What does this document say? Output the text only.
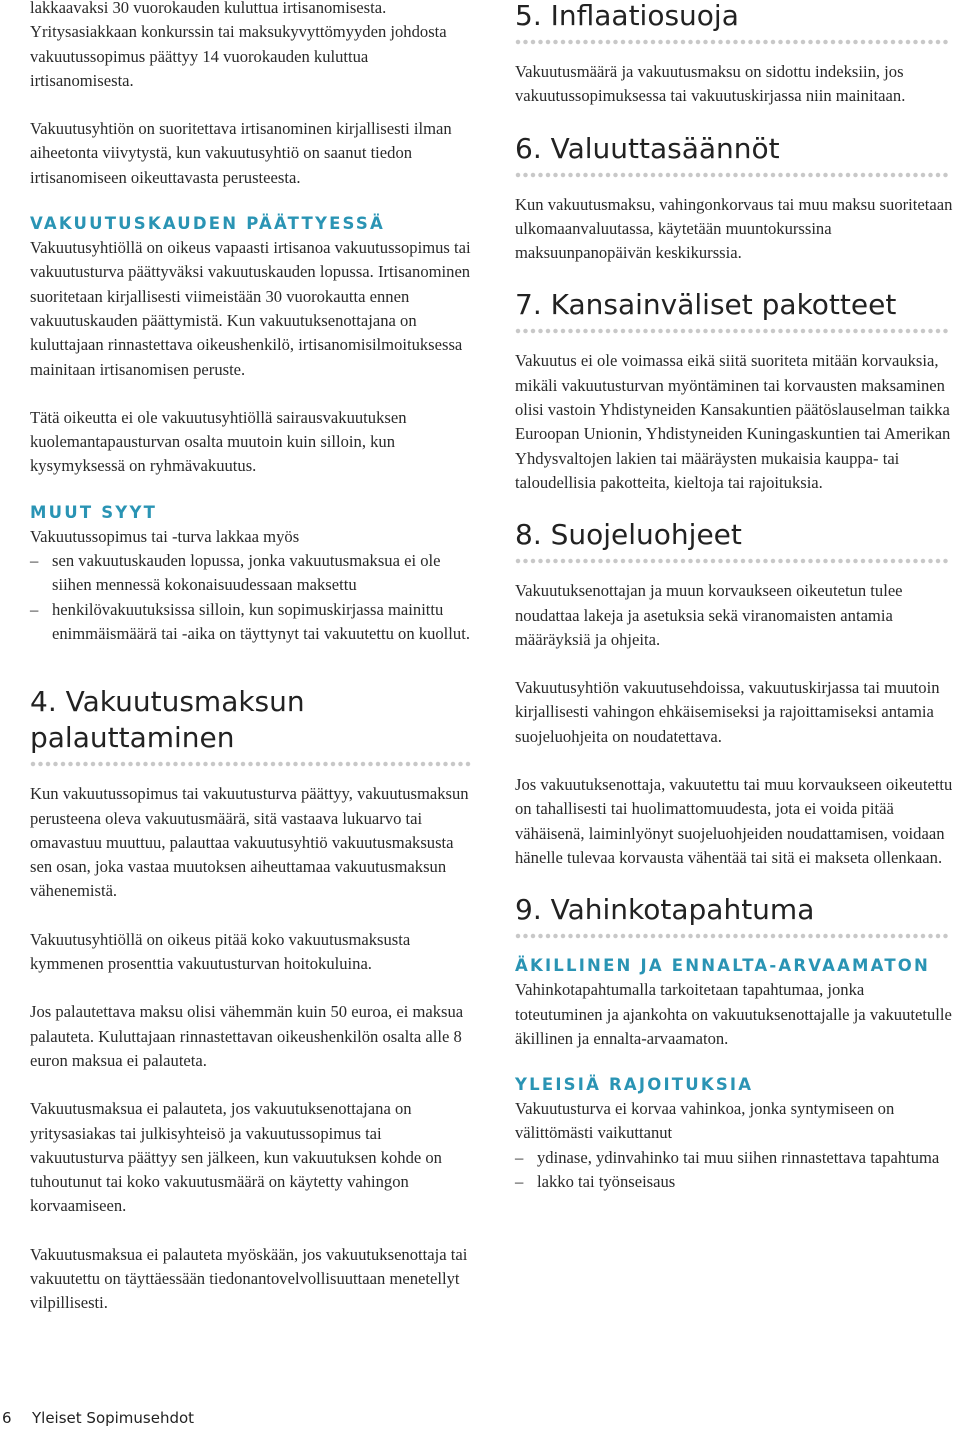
lakkaavaksi 30 vuorokauden kuluttua irtisanomisesta. Yritysasiakkaan konkurssin tai maksukyvyttömyyden johdosta vakuutussopimus päättyy 14 vuorokauden kuluttua irtisanomisesta.

Vakuutusyhtiön on suoritettava irtisanominen kirjallisesti ilman aiheetonta viivytystä, kun vakuutusyhtiö on saanut tiedon irtisanomiseen oikeuttavasta perusteesta.

VAKUUTUSKAUDEN PÄÄTTYESSÄ

Vakuutusyhtiöllä on oikeus vapaasti irtisanoa vakuutussopimus tai vakuutusturva päättyväksi vakuutuskauden lopussa. Irtisanominen suoritetaan kirjallisesti viimeistään 30 vuorokautta ennen vakuutuskauden päättymistä. Kun vakuutuksenottajana on kuluttajaan rinnastettava oikeushenkilö, irtisanomisilmoituksessa mainitaan irtisanomisen peruste.

Tätä oikeutta ei ole vakuutusyhtiöllä sairausvakuutuksen kuolemantapausturvan osalta muutoin kuin silloin, kun kysymyksessä on ryhmävakuutus.

MUUT SYYT

Vakuutussopimus tai -turva lakkaa myös

– sen vakuutuskauden lopussa, jonka vakuutusmaksua ei ole siihen mennessä kokonaisuudessaan maksettu
– henkilövakuutuksissa silloin, kun sopimuskirjassa mainittu enimmäismäärä tai -aika on täyttynyt tai vakuutettu on kuollut.
4. Vakuutusmaksun
palauttaminen

Kun vakuutussopimus tai vakuutusturva päättyy, vakuutusmaksun perusteena oleva vakuutusmäärä, sitä vastaava lukuarvo tai omavastuu muuttuu, palauttaa vakuutusyhtiö vakuutusmaksusta sen osan, joka vastaa muutoksen aiheuttamaa vakuutusmaksun vähenemistä.

Vakuutusyhtiöllä on oikeus pitää koko vakuutusmaksusta kymmenen prosenttia vakuutusturvan hoitokuluina.

Jos palautettava maksu olisi vähemmän kuin 50 euroa, ei maksua palauteta. Kuluttajaan rinnastettavan oikeushenkilön osalta alle 8 euron maksua ei palauteta.

Vakuutusmaksua ei palauteta, jos vakuutuksenottajana on yritysasiakas tai julkisyhteisö ja vakuutussopimus tai vakuutusturva päättyy sen jälkeen, kun vakuutuksen kohde on tuhoutunut tai koko vakuutusmäärä on käytetty vahingon korvaamiseen.

Vakuutusmaksua ei palauteta myöskään, jos vakuutuksenottaja tai vakuutettu on täyttäessään tiedonantovelvollisuuttaan menetellyt vilpillisesti.

5. Inflaatiosuoja

Vakuutusmäärä ja vakuutusmaksu on sidottu indeksiin, jos vakuutussopimuksessa tai vakuutuskirjassa niin mainitaan.

6. Valuuttasäännöt

Kun vakuutusmaksu, vahingonkorvaus tai muu maksu suoritetaan ulkomaanvaluutassa, käytetään muuntokurssina maksuunpanopäivän keskikurssia.

7. Kansainväliset pakotteet

Vakuutus ei ole voimassa eikä siitä suoriteta mitään korvauksia, mikäli vakuutusturvan myöntäminen tai korvausten maksaminen olisi vastoin Yhdistyneiden Kansakuntien päätöslauselman taikka Euroopan Unionin, Yhdistyneiden Kuningaskuntien tai Amerikan Yhdysvaltojen lakien tai määräysten mukaisia kauppa- tai taloudellisia pakotteita, kieltoja tai rajoituksia.

8. Suojeluohjeet

Vakuutuksenottajan ja muun korvaukseen oikeutetun tulee noudattaa lakeja ja asetuksia sekä viranomaisten antamia määräyksiä ja ohjeita.

Vakuutusyhtiön vakuutusehdoissa, vakuutuskirjassa tai muutoin kirjallisesti vahingon ehkäisemiseksi ja rajoittamiseksi antamia suojeluohjeita on noudatettava.

Jos vakuutuksenottaja, vakuutettu tai muu korvaukseen oikeutettu on tahallisesti tai huolimattomuudesta, jota ei voida pitää vähäisenä, laiminlyönyt suojeluohjeiden noudattamisen, voidaan hänelle tulevaa korvausta vähentää tai sitä ei makseta ollenkaan.

9. Vahinkotapahtuma
ÄKILLINEN JA ENNALTA-ARVAAMATON

Vahinkotapahtumalla tarkoitetaan tapahtumaa, jonka toteutuminen ja ajankohta on vakuutuksenottajalle ja vakuutetulle äkillinen ja ennalta-arvaamaton.

YLEISIÄ RAJOITUKSIA

Vakuutusturva ei korvaa vahinkoa, jonka syntymiseen on välittömästi vaikuttanut

– ydinase, ydinvahinko tai muu siihen rinnastettava tapahtuma
– lakko tai työnseisaus
6	Yleiset Sopimusehdot
